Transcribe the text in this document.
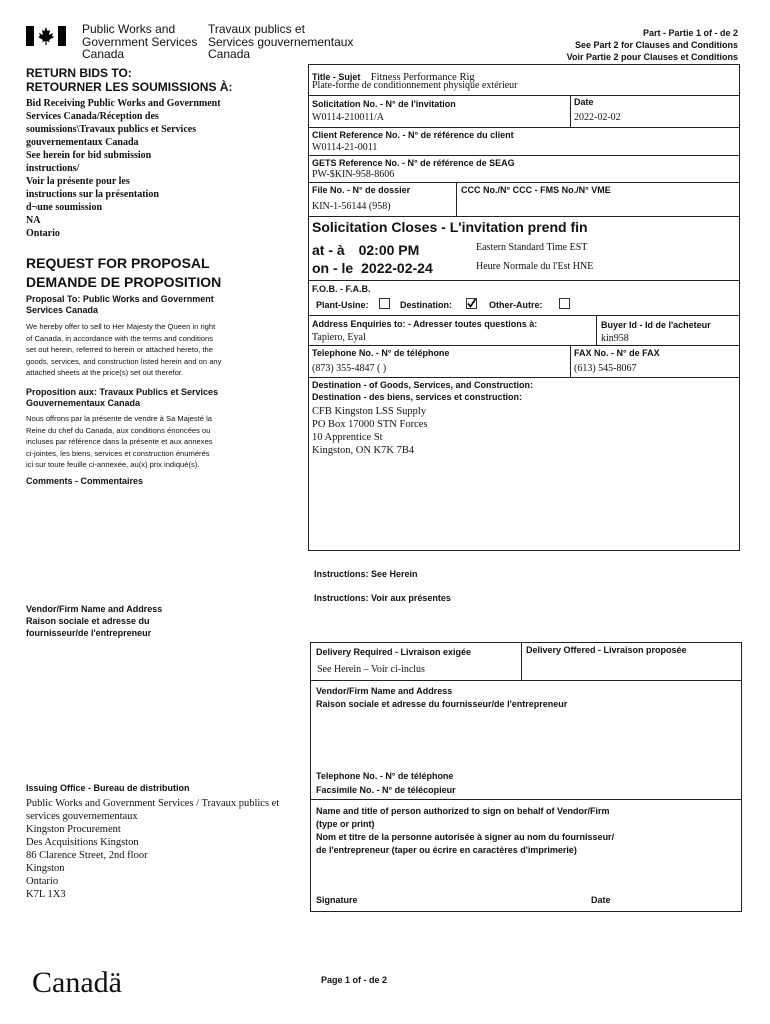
Public Works and
Government Services
Canada
Travaux publics et
Services gouvernementaux
Canada
Part - Partie 1 of - de 2
See Part 2 for Clauses and Conditions
Voir Partie 2 pour Clauses et Conditions
RETURN BIDS TO:
RETOURNER LES SOUMISSIONS À:
Bid Receiving Public Works and Government
Services Canada/Réception des
soumissions\Travaux publics et Services
gouvernementaux Canada
See herein for bid submission
instructions/
Voir la présente pour les
instructions sur la présentation
d¬une soumission
NA
Ontario
REQUEST FOR PROPOSAL
DEMANDE DE PROPOSITION
Proposal To: Public Works and Government
Services Canada
We hereby offer to sell to Her Majesty the Queen in right
of Canada, in accordance with the terms and conditions
set out herein, referred to herein or attached hereto, the
goods, services, and construction listed herein and on any
attached sheets at the price(s) set out therefor.
Proposition aux: Travaux Publics et Services
Gouvernementaux Canada
Nous offrons par la présente de vendre à Sa Majesté la
Reine du chef du Canada, aux conditions énoncées ou
incluses par référence dans la présente et aux annexes
ci-jointes, les biens, services et construction énumérés
ici sur toute feuille ci-annexée, au(x) prix indiqué(s).
Comments - Commentaires
Vendor/Firm Name and Address
Raison sociale et adresse du
fournisseur/de l'entrepreneur
Issuing Office - Bureau de distribution
Public Works and Government Services / Travaux publics et
services gouvernementaux
Kingston Procurement
Des Acquisitions Kingston
86 Clarence Street, 2nd floor
Kingston
Ontario
K7L 1X3
Title - Sujet Fitness Performance Rig
Plate-forme de conditionnement physique extérieur
Solicitation No. - N° de l'invitation
W0114-210011/A
Date
2022-02-02
Client Reference No. - N° de référence du client
W0114-21-0011
GETS Reference No. - N° de référence de SEAG
PW-$KIN-958-8606
File No. - N° de dossier
KIN-1-56144 (958)
CCC No./N° CCC - FMS No./N° VME
Solicitation Closes - L'invitation prend fin
at - à 02:00 PM
on - le 2022-02-24
Eastern Standard Time EST
Heure Normale du l'Est HNE
F.O.B. - F.A.B.
Plant-Usine:	Destination:	Other-Autre:
Address Enquiries to: - Adresser toutes questions à:
Tapiero, Eyal
Buyer Id - Id de l'acheteur
kin958
Telephone No. - N° de téléphone
(873) 355-4847 ( )
FAX No. - N° de FAX
(613) 545-8067
Destination - of Goods, Services, and Construction:
Destination - des biens, services et construction:
CFB Kingston LSS Supply
PO Box 17000 STN Forces
10 Apprentice St
Kingston, ON K7K 7B4
Instructions: See Herein
Instructions: Voir aux présentes
Delivery Required - Livraison exigée
See Herein – Voir ci-inclus
Delivery Offered - Livraison proposée
Vendor/Firm Name and Address
Raison sociale et adresse du fournisseur/de l'entrepreneur
Telephone No. - N° de téléphone
Facsimile No. - N° de télécopieur
Name and title of person authorized to sign on behalf of Vendor/Firm
(type or print)
Nom et titre de la personne autorisée à signer au nom du fournisseur/
de l'entrepreneur (taper ou écrire en caractères d'imprimerie)
Signature	Date
Canadä	Page 1 of - de 2
